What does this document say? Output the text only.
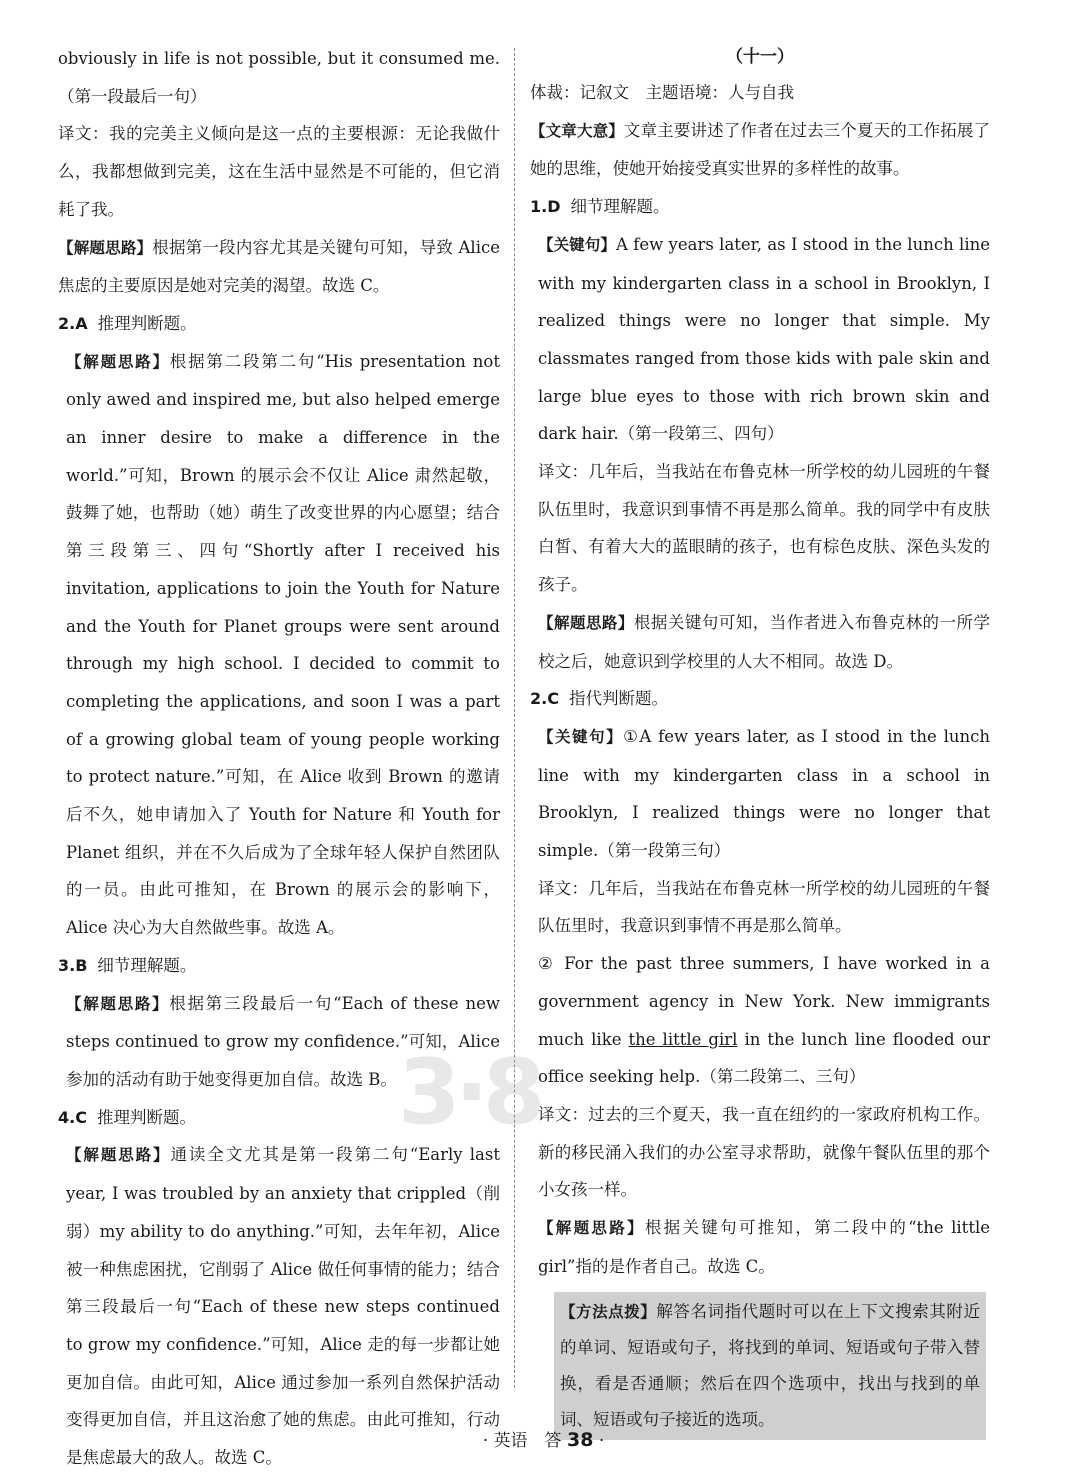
3·8

obviously in life is not possible, but it consumed me.（第一段最后一句）

译文：我的完美主义倾向是这一点的主要根源：无论我做什么，我都想做到完美，这在生活中显然是不可能的，但它消耗了我。

【解题思路】根据第一段内容尤其是关键句可知，导致 Alice 焦虑的主要原因是她对完美的渴望。故选 C。

2.A 推理判断题。

【解题思路】根据第二段第二句“His presentation not only awed and inspired me, but also helped emerge an inner desire to make a difference in the world.”可知，Brown 的展示会不仅让 Alice 肃然起敬，鼓舞了她，也帮助（她）萌生了改变世界的内心愿望；结合第三段第三、四句“Shortly after I received his invitation, applications to join the Youth for Nature and the Youth for Planet groups were sent around through my high school. I decided to commit to completing the applications, and soon I was a part of a growing global team of young people working to protect nature.”可知，在 Alice 收到 Brown 的邀请后不久，她申请加入了 Youth for Nature 和 Youth for Planet 组织，并在不久后成为了全球年轻人保护自然团队的一员。由此可推知，在 Brown 的展示会的影响下，Alice 决心为大自然做些事。故选 A。

3.B 细节理解题。

【解题思路】根据第三段最后一句“Each of these new steps continued to grow my confidence.”可知，Alice 参加的活动有助于她变得更加自信。故选 B。

4.C 推理判断题。

【解题思路】通读全文尤其是第一段第二句“Early last year, I was troubled by an anxiety that crippled（削弱）my ability to do anything.”可知，去年年初，Alice 被一种焦虑困扰，它削弱了 Alice 做任何事情的能力；结合第三段最后一句“Each of these new steps continued to grow my confidence.”可知，Alice 走的每一步都让她更加自信。由此可知，Alice 通过参加一系列自然保护活动变得更加自信，并且这治愈了她的焦虑。由此可推知，行动是焦虑最大的敌人。故选 C。

（十一）

体裁：记叙文　主题语境：人与自我

【文章大意】文章主要讲述了作者在过去三个夏天的工作拓展了她的思维，使她开始接受真实世界的多样性的故事。

1.D 细节理解题。

【关键句】A few years later, as I stood in the lunch line with my kindergarten class in a school in Brooklyn, I realized things were no longer that simple. My classmates ranged from those kids with pale skin and large blue eyes to those with rich brown skin and dark hair.（第一段第三、四句）

译文：几年后，当我站在布鲁克林一所学校的幼儿园班的午餐队伍里时，我意识到事情不再是那么简单。我的同学中有皮肤白皙、有着大大的蓝眼睛的孩子，也有棕色皮肤、深色头发的孩子。

【解题思路】根据关键句可知，当作者进入布鲁克林的一所学校之后，她意识到学校里的人大不相同。故选 D。

2.C 指代判断题。

【关键句】①A few years later, as I stood in the lunch line with my kindergarten class in a school in Brooklyn, I realized things were no longer that simple.（第一段第三句）

译文：几年后，当我站在布鲁克林一所学校的幼儿园班的午餐队伍里时，我意识到事情不再是那么简单。

② For the past three summers, I have worked in a government agency in New York. New immigrants much like the little girl in the lunch line flooded our office seeking help.（第二段第二、三句）

译文：过去的三个夏天，我一直在纽约的一家政府机构工作。新的移民涌入我们的办公室寻求帮助，就像午餐队伍里的那个小女孩一样。

【解题思路】根据关键句可推知，第二段中的“the little girl”指的是作者自己。故选 C。

【方法点拨】解答名词指代题时可以在上下文搜索其附近的单词、短语或句子，将找到的单词、短语或句子带入替换，看是否通顺；然后在四个选项中，找出与找到的单词、短语或句子接近的选项。

· 英语　答 38 ·
